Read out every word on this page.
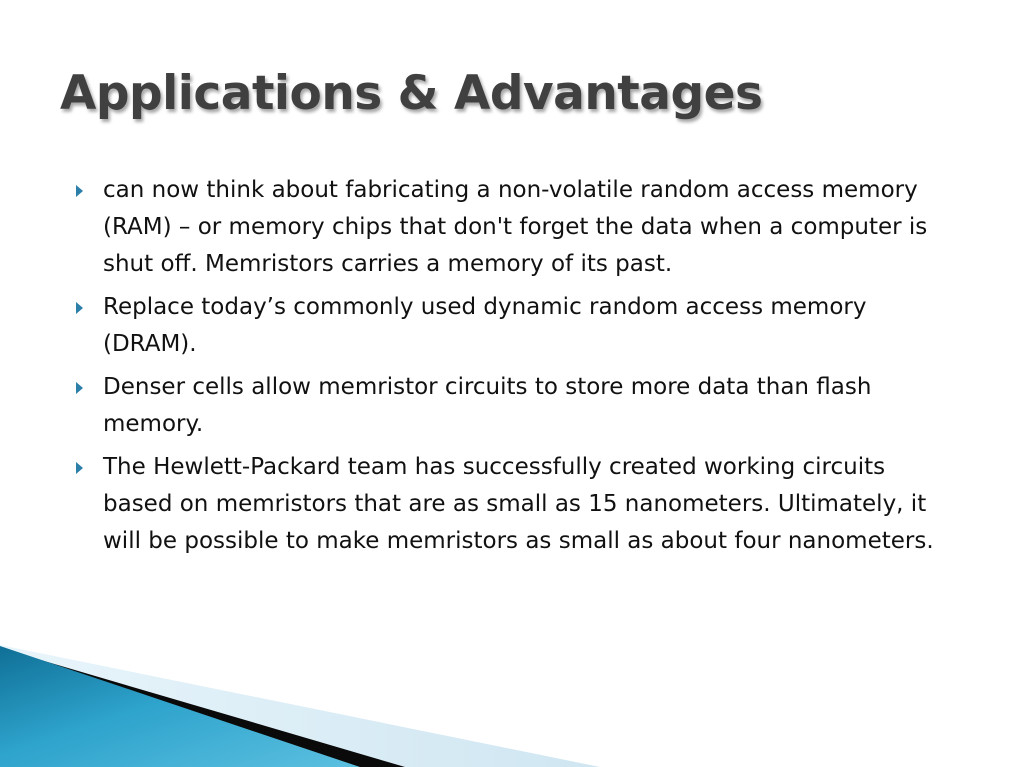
Applications & Advantages
can now think about fabricating a non-volatile random access memory (RAM) – or memory chips that don't forget the data when a computer is shut off. Memristors carries a memory of its past.
Replace today’s commonly used dynamic random access memory (DRAM).
Denser cells allow memristor circuits to store more data than flash memory.
The Hewlett-Packard team has successfully created working circuits based on memristors that are as small as 15 nanometers. Ultimately, it will be possible to make memristors as small as about four nanometers.
